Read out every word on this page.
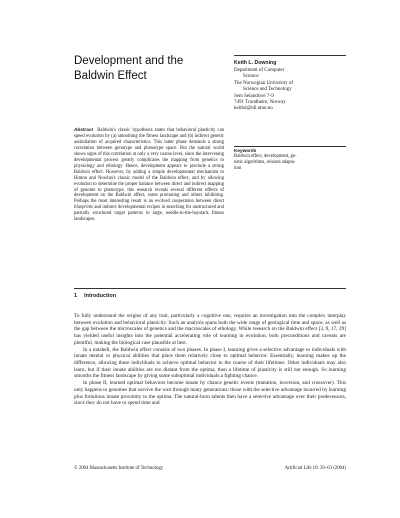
Development and the
Baldwin Effect
Keith L. Downing
Department of Computer
Science
The Norwegian University of
Science and Technology
Sem Selandsvei 7-9
7491 Trondheim, Norway
keithd@idi.ntnu.no
Abstract Baldwin's classic hypothesis states that behavioral plasticity can speed evolution by (a) smoothing the fitness landscape and (b) indirect genetic assimilation of acquired characteristics. This latter phase demands a strong correlation between genotype and phenotype space. But the natural world shows signs of this correlation at only a very coarse level, since the intervening developmental process greatly complicates the mapping from genetics to physiology and ethology. Hence, development appears to preclude a strong Baldwin effect. However, by adding a simple developmental mechanism to Hinton and Nowlan's classic model of the Baldwin effect, and by allowing evolution to determine the proper balance between direct and indirect mapping of genome to phenotype, this research reveals several different effects of development on the Baldwin effect, some promoting and others inhibiting. Perhaps the most interesting result is an evolved cooperation between direct blueprints and indirect developmental recipes in searching for unstructured and partially structured target patterns in large, needle-in-the-haystack fitness landscapes.
Keywords
Baldwin effect, development, ge-
netic algorithms, relaxed adapta-
tion
1 Introduction

To fully understand the origins of any trait, particularly a cognitive one, requires an investigation into the complex interplay between evolution and behavioral plasticity. Such an analysis spans both the wide range of geological time and space; as well as the gap between the microscales of genetics and the macroscales of ethology. While research on the Baldwin effect [3, 9, 17, 29] has yielded useful insights into the potential accelerating role of learning in evolution, both preconditions and caveats are plentiful, making the biological case plausible at best.

In a nutshell, the Baldwin effect consists of two phases. In phase I, learning gives a selective advantage to individuals with innate mental or physical abilities that place them relatively close to optimal behavior. Essentially, learning makes up the difference, allowing these individuals to achieve optimal behavior in the course of their lifetimes. Other individuals may also learn, but if their innate abilities are too distant from the optima, then a lifetime of plasticity is still not enough. So learning smooths the fitness landscape by giving some suboptimal individuals a fighting chance.

In phase II, learned optimal behaviors become innate by chance genetic events (mutation, inversion, and crossover). This only happens to genomes that survive the wait through many generations: those with the selective advantage incurred by learning plus fortuitous innate proximity to the optima. The natural-born talents then have a selective advantage over their predecessors, since they do not have to spend time and

© 2004 Massachusetts Institute of Technology	Artificial Life 10: 39–63 (2004)
